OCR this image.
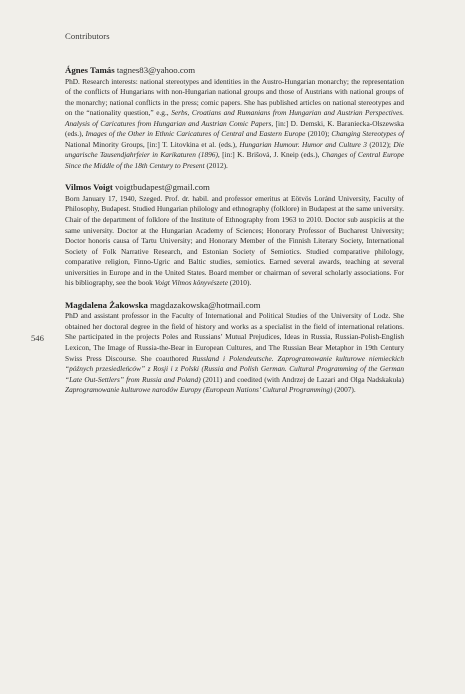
Contributors
546

Ágnes Tamás tagnes83@yahoo.com

PhD. Research interests: national stereotypes and identities in the Austro-Hungarian monarchy; the representation of the conflicts of Hungarians with non-Hungarian national groups and those of Austrians with national groups of the monarchy; national conflicts in the press; comic papers. She has published articles on national stereotypes and on the “nationality question,” e.g., Serbs, Croatians and Rumanians from Hungarian and Austrian Perspectives. Analysis of Caricatures from Hungarian and Austrian Comic Papers, [in:] D. Demski, K. Baraniecka-Olszewska (eds.), Images of the Other in Ethnic Caricatures of Central and Eastern Europe (2010); Changing Stereotypes of National Minority Groups, [in:] T. Litovkina et al. (eds.), Hungarian Humour. Humor and Culture 3 (2012); Die ungarische Tausendjahrfeier in Karikaturen (1896), [in:] K. Brišová, J. Kneip (eds.), Changes of Central Europe Since the Middle of the 18th Century to Present (2012).

Vilmos Voigt voigtbudapest@gmail.com

Born January 17, 1940, Szeged. Prof. dr. habil. and professor emeritus at Eötvös Loránd University, Faculty of Philosophy, Budapest. Studied Hungarian philology and ethnography (folklore) in Budapest at the same university. Chair of the department of folklore of the Institute of Ethnography from 1963 to 2010. Doctor sub auspiciis at the same university. Doctor at the Hungarian Academy of Sciences; Honorary Professor of Bucharest University; Doctor honoris causa of Tartu University; and Honorary Member of the Finnish Literary Society, International Society of Folk Narrative Research, and Estonian Society of Semiotics. Studied comparative philology, comparative religion, Finno-Ugric and Baltic studies, semiotics. Earned several awards, teaching at several universities in Europe and in the United States. Board member or chairman of several scholarly associations. For his bibliography, see the book Voigt Vilmos könyvészete (2010).

Magdalena Żakowska magdazakowska@hotmail.com

PhD and assistant professor in the Faculty of International and Political Studies of the University of Lodz. She obtained her doctoral degree in the field of history and works as a specialist in the field of international relations. She participated in the projects Poles and Russians’ Mutual Prejudices, Ideas in Russia, Russian-Polish-English Lexicon, The Image of Russia-the-Bear in European Cultures, and The Russian Bear Metaphor in 19th Century Swiss Press Discourse. She coauthored Russland i Polendeutsche. Zaprogramowanie kulturowe niemieckich “późnych przesiedleńców” z Rosji i z Polski (Russia and Polish German. Cultural Programming of the German “Late Out-Settlers” from Russia and Poland) (2011) and coedited (with Andrzej de Lazari and Olga Nadskakuła) Zaprogramowanie kulturowe narodów Europy (European Nations’ Cultural Programming) (2007).
